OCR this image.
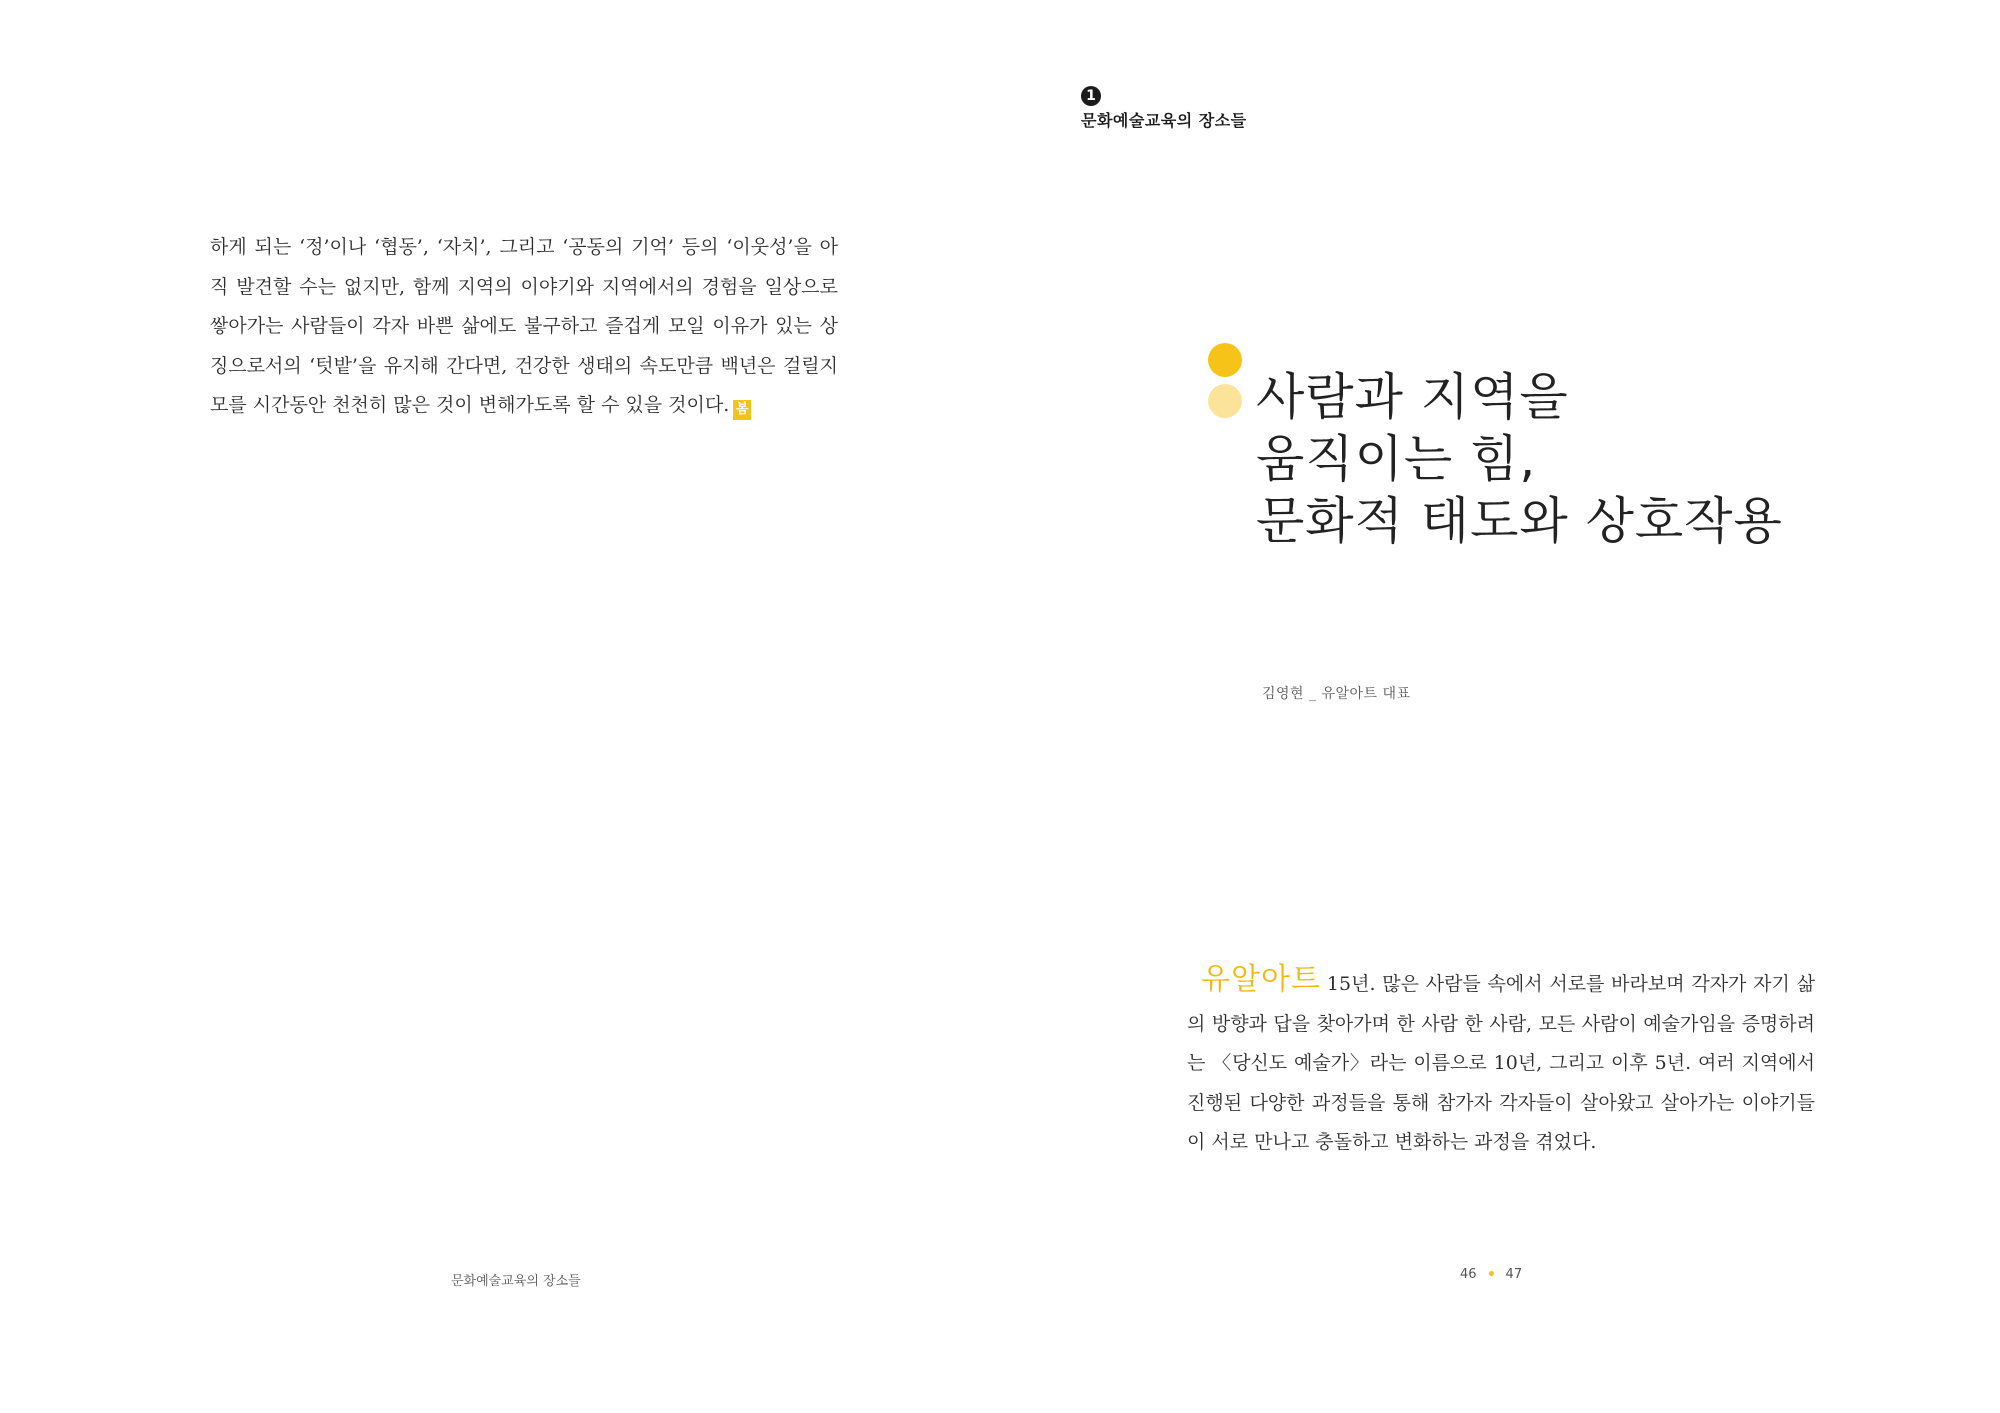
1
문화예술교육의 장소들

하게 되는 ‘정’이나 ‘협동’, ‘자치’, 그리고 ‘공동의 기억’ 등의 ‘이웃성’을 아직 발견할 수는 없지만, 함께 지역의 이야기와 지역에서의 경험을 일상으로 쌓아가는 사람들이 각자 바쁜 삶에도 불구하고 즐겁게 모일 이유가 있는 상징으로서의 ‘텃밭’을 유지해 간다면, 건강한 생태의 속도만큼 백년은 걸릴지 모를 시간동안 천천히 많은 것이 변해가도록 할 수 있을 것이다. 봄	사람과 지역을
움직이는 힘,
문화적 태도와 상호작용
김영현 _ 유알아트 대표

유알아트 15년. 많은 사람들 속에서 서로를 바라보며 각자가 자기 삶의 방향과 답을 찾아가며 한 사람 한 사람, 모든 사람이 예술가임을 증명하려는 〈당신도 예술가〉라는 이름으로 10년, 그리고 이후 5년. 여러 지역에서 진행된 다양한 과정들을 통해 참가자 각자들이 살아왔고 살아가는 이야기들이 서로 만나고 충돌하고 변화하는 과정을 겪었다.

문화예술교육의 장소들	46 47
